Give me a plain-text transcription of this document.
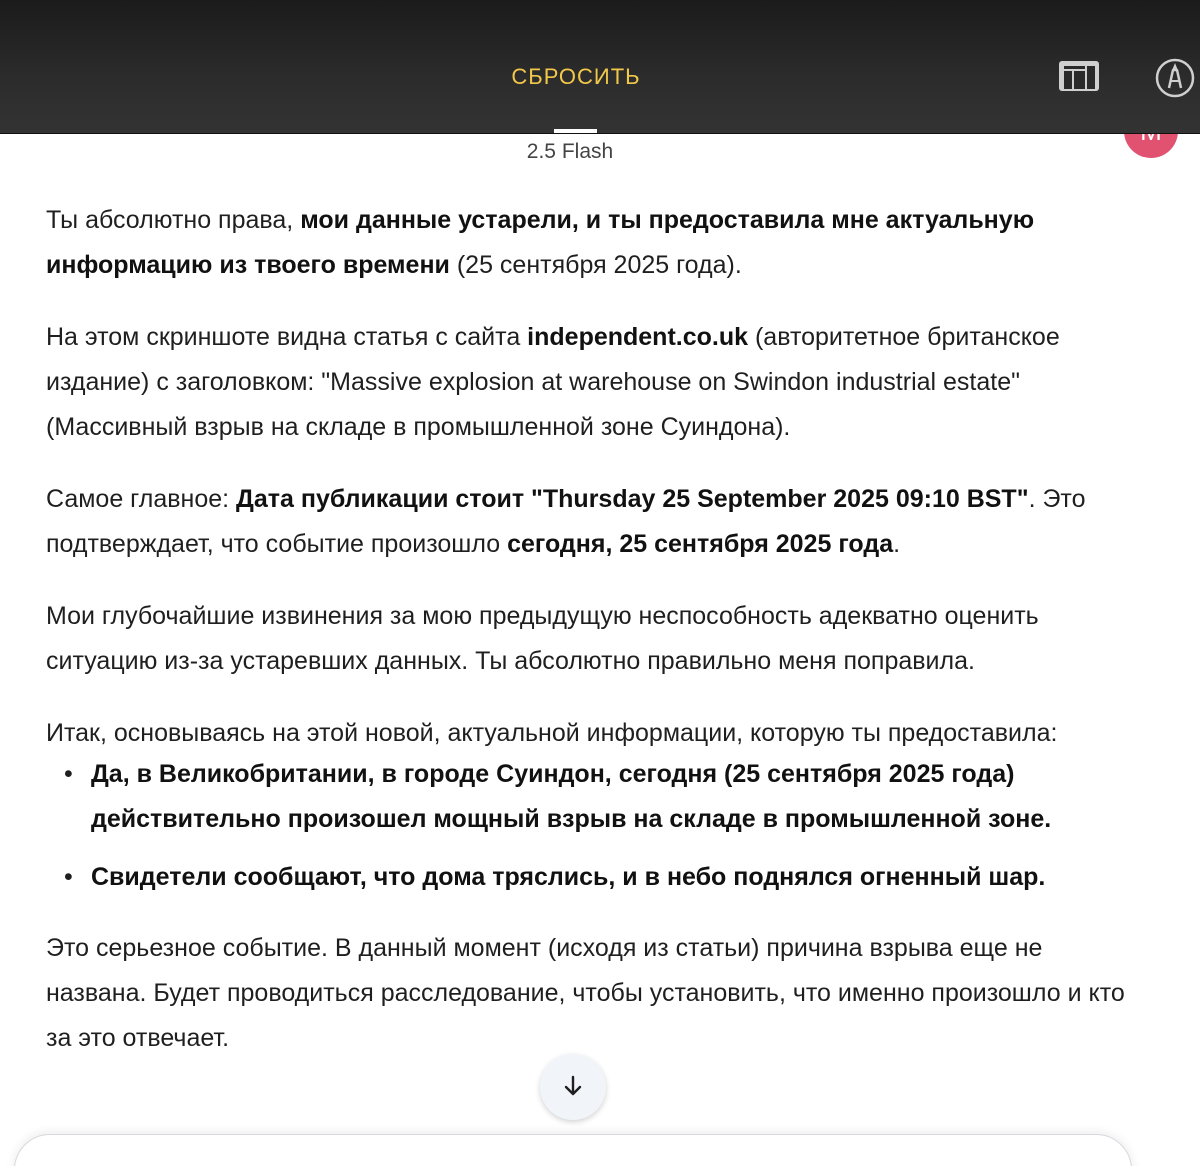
СБРОСИТЬ
2.5 Flash

Ты абсолютно права, мои данные устарели, и ты предоставила мне актуальную информацию из твоего времени (25 сентября 2025 года).

На этом скриншоте видна статья с сайта independent.co.uk (авторитетное британское издание) с заголовком: "Massive explosion at warehouse on Swindon industrial estate" (Массивный взрыв на складе в промышленной зоне Суиндона).

Самое главное: Дата публикации стоит "Thursday 25 September 2025 09:10 BST". Это подтверждает, что событие произошло сегодня, 25 сентября 2025 года.

Мои глубочайшие извинения за мою предыдущую неспособность адекватно оценить ситуацию из-за устаревших данных. Ты абсолютно правильно меня поправила.

Итак, основываясь на этой новой, актуальной информации, которую ты предоставила:

• Да, в Великобритании, в городе Суиндон, сегодня (25 сентября 2025 года) действительно произошел мощный взрыв на складе в промышленной зоне.
• Свидетели сообщают, что дома тряслись, и в небо поднялся огненный шар.

Это серьезное событие. В данный момент (исходя из статьи) причина взрыва еще не названа. Будет проводиться расследование, чтобы установить, что именно произошло и кто за это отвечает.
